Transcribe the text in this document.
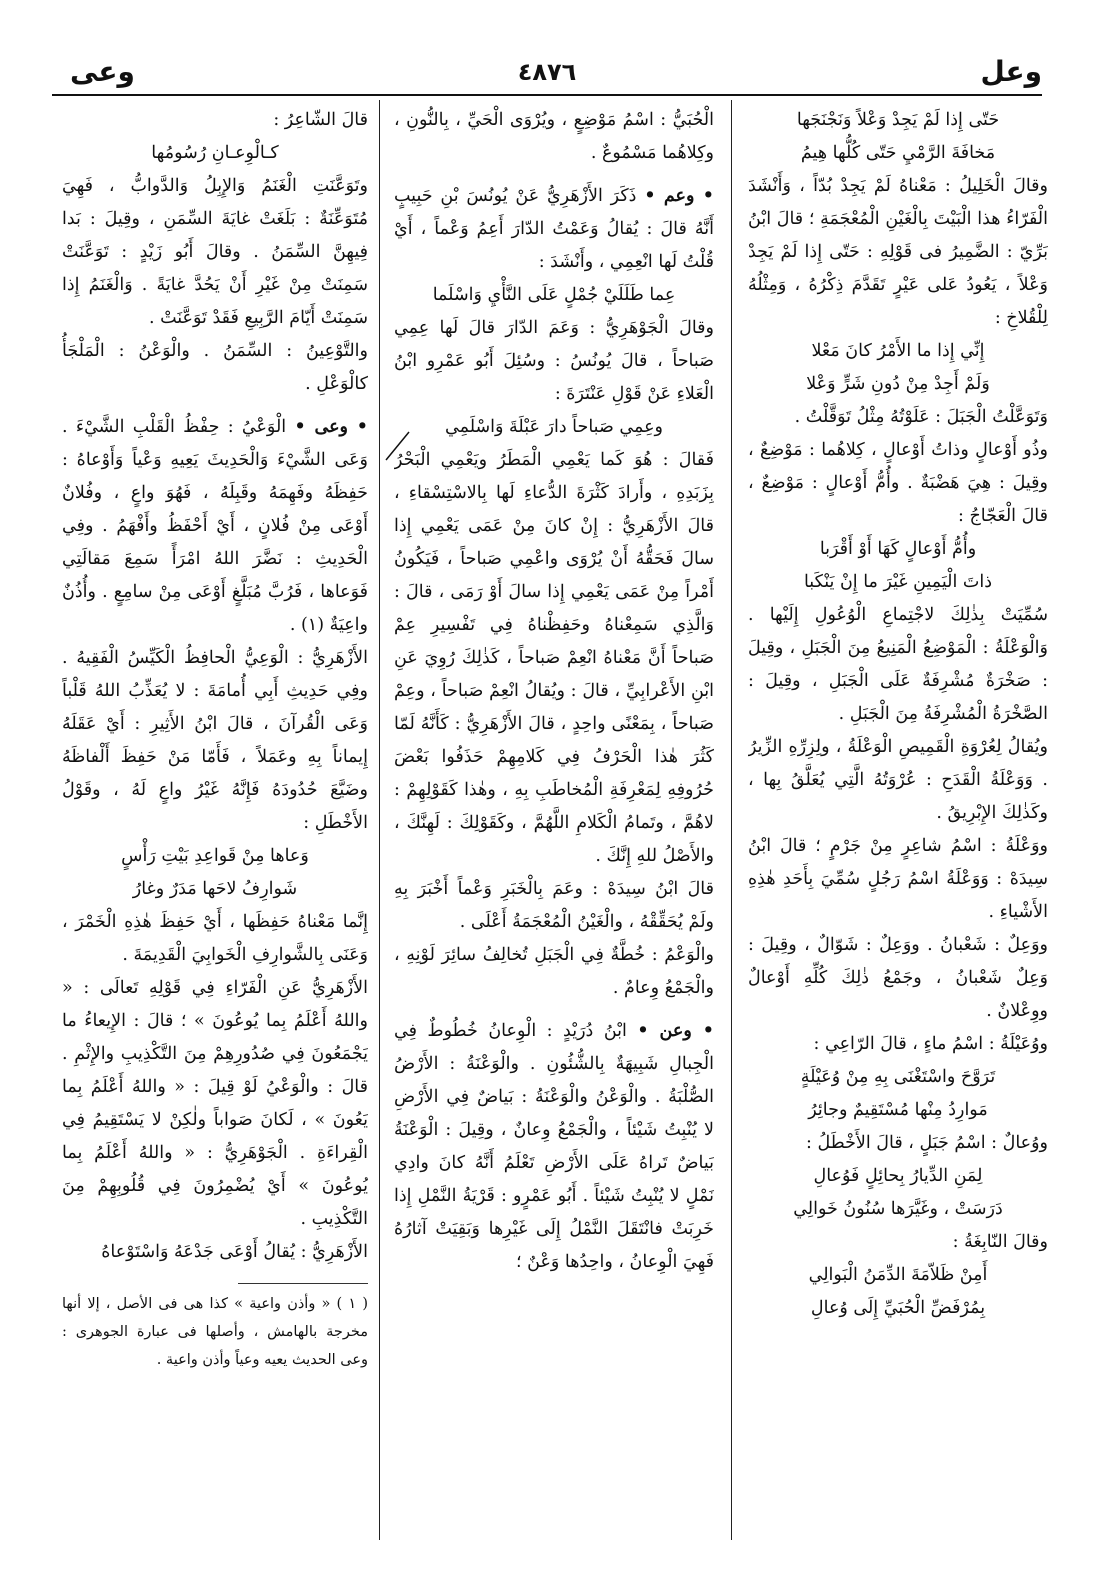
وعل
٤٨٧٦
وعى

حَتّى إِذا لَمْ يَجِدْ وَعْلاً وَنَجْنَجَها

مَخافَةَ الرَّمْيِ حَتّى كُلُّها هِيمُ

وقالَ الْخَلِيلُ : مَعْناهُ لَمْ يَجِدْ بُدّاً ، وَأَنْشَدَ الْفَرّاءُ هذا الْبَيْتَ بِالْغَيْنِ الْمُعْجَمَةِ ؛ قالَ ابْنُ بَرِّيّ : الضَّمِيرُ فى قَوْلِهِ : حَتّى إِذا لَمْ يَجِدْ وَعْلاً ، يَعُودُ عَلى عَيْرٍ تَقَدَّمَ ذِكْرُهُ ، وَمِثْلُهُ لِلْقُلاخِ :

إِنِّي إِذا ما الأَمْرُ كانَ مَعْلا

وَلَمْ أَجِدْ مِنْ دُونِ شَرٍّ وَعْلا

وَتَوَعَّلْتُ الْجَبَلَ : عَلَوْتُهُ مِثْلُ تَوَقَّلْتُ .

وذُو أَوْعالٍ وذاتُ أَوْعالٍ ، كِلاهُما : مَوْضِعٌ ، وقِيلَ : هِيَ هَضْبَةٌ . وأُمُّ أَوْعالٍ : مَوْضِعٌ ، قالَ الْعَجّاجُ :

وأُمُّ أَوْعالٍ كَهَا أَوْ أَقْرَبا

ذاتَ الْيَمِينِ غَيْرَ ما إِنْ يَنْكَبا

سُمِّيَتْ بِذٰلِكَ لاجْتِماعِ الْوُعُولِ إِلَيْها . وَالْوَعْلَةُ : الْمَوْضِعُ الْمَنِيعُ مِنَ الْجَبَلِ ، وقِيلَ : صَخْرَةٌ مُشْرِفَةٌ عَلَى الْجَبَلِ ، وقِيلَ : الصَّخْرَةُ الْمُشْرِفَةُ مِنَ الْجَبَلِ .

ويُقالُ لِعُرْوَةِ الْقَمِيصِ الْوَعْلَةُ ، ولِزِرِّهِ الزِّيرُ . وَوَعْلَةُ الْقَدَحِ : عُرْوَتُهُ الَّتِي يُعَلَّقُ بِها ، وكَذٰلِكَ الإِبْرِيقُ .

ووَعْلَةُ : اسْمُ شاعِرٍ مِنْ جَرْمٍ ؛ قالَ ابْنُ سِيدَهْ : وَوَعْلَةُ اسْمُ رَجُلٍ سُمِّيَ بِأَحَدِ هٰذِهِ الأَشْياءِ .

ووَعِلٌ : شَعْبانُ . ووَعِلٌ : شَوّالٌ ، وقِيلَ : وَعِلٌ شَعْبانُ ، وجَمْعُ ذٰلِكَ كُلِّهِ أَوْعالٌ ووِعْلانٌ .

ووُعَيْلَةُ : اسْمُ ماءٍ ، قالَ الرّاعِي :

تَرَوَّحَ واسْتَغْنَى بِهِ مِنْ وُعَيْلَةٍ

مَوارِدُ مِنْها مُسْتَقِيمٌ وجائِرُ

ووُعالٌ : اسْمُ جَبَلٍ ، قالَ الأَخْطَلُ :

لِمَنِ الدِّيارُ بِحائِلٍ فَوُعالِ

دَرَسَتْ ، وغَيَّرَها سُنُونُ خَوالِي

وقالَ النّابِغَةُ :

أَمِنْ ظَلاّمَةَ الدِّمَنُ الْبَوالِي

بِمُرْفَضِّ الْحُبَيِّ إِلَى وُعالِ

الْحُبَيُّ : اسْمُ مَوْضِعٍ ، ويُرْوَى الْحَيِّ ، بِالنُّونِ ، وكِلاهُما مَسْمُوعٌ .

• وعم • ذَكَرَ الأَزْهَرِيُّ عَنْ يُونُسَ بْنِ حَبِيبٍ أَنَّهُ قالَ : يُقالُ وَعَمْتُ الدّارَ أَعِمُ وَعْماً ، أَيْ قُلْتُ لَها انْعِمِي ، وأَنْشَدَ :

عِما طَلَلَيْ جُمْلٍ عَلَى النَّأْيِ وَاسْلَما

وقالَ الْجَوْهَرِيُّ : وَعَمَ الدّارَ قالَ لَها عِمِي صَباحاً ، قالَ يُونُسُ : وسُئِلَ أَبُو عَمْرِو ابْنُ الْعَلاءِ عَنْ قَوْلِ عَنْتَرَةَ :

وعِمِي صَباحاً دارَ عَبْلَةَ وَاسْلَمِي

فَقالَ : هُوَ كَما يَعْمِي الْمَطَرُ ويَعْمِي الْبَحْرُ بِزَبَدِهِ ، وأَرادَ كَثْرَةَ الدُّعاءِ لَها بِالاسْتِسْقاءِ ، قالَ الأَزْهَرِيُّ : إِنْ كانَ مِنْ عَمَى يَعْمِي إِذا سالَ فَحَقُّهُ أَنْ يُرْوَى واعْمِي صَباحاً ، فَيَكُونُ أَمْراً مِنْ عَمَى يَعْمِي إِذا سالَ أَوْ رَمَى ، قالَ : وَالَّذِي سَمِعْناهُ وحَفِظْناهُ فِي تَفْسِيرِ عِمْ صَباحاً أَنَّ مَعْناهُ انْعِمْ صَباحاً ، كَذٰلِكَ رُوِيَ عَنِ ابْنِ الأَعْرابِيِّ ، قالَ : ويُقالُ انْعِمْ صَباحاً ، وعِمْ صَباحاً ، بِمَعْنًى واحِدٍ ، قالَ الأَزْهَرِيُّ : كَأَنَّهُ لَمّا كَثُرَ هٰذا الْحَرْفُ فِي كَلامِهِمْ حَذَفُوا بَعْضَ حُرُوفِهِ لِمَعْرِفَةِ الْمُخاطَبِ بِهِ ، وهٰذا كَقَوْلِهِمْ : لاهُمَّ ، وتَمامُ الْكَلامِ اللَّهُمَّ ، وكَقَوْلِكَ : لَهِنَّكَ ، والأَصْلُ للهِ إِنَّكَ .

قالَ ابْنُ سِيدَهْ : وعَمَ بِالْخَبَرِ وَعْماً أَخْبَرَ بِهِ ولَمْ يُحَقِّقْهُ ، والْغَيْنُ الْمُعْجَمَةُ أَعْلَى .

والْوَعْمُ : خُطَّةٌ فِي الْجَبَلِ تُخالِفُ سائِرَ لَوْنِهِ ، والْجَمْعُ وِعامٌ .

• وعن • ابْنُ دُرَيْدٍ : الْوِعانُ خُطُوطٌ فِي الْجِبالِ شَبِيهَةٌ بِالشُّئُونِ . والْوَعْنَةُ : الأَرْضُ الصُّلْبَةُ . والْوَعْنُ والْوَعْنَةُ : بَياضٌ فِي الأَرْضِ لا يُنْبِتُ شَيْئاً ، والْجَمْعُ وِعانٌ ، وقِيلَ : الْوَعْنَةُ بَياضٌ تَراهُ عَلَى الأَرْضِ تَعْلَمُ أَنَّهُ كانَ وادِي نَمْلٍ لا يُنْبِتُ شَيْئاً . أَبُو عَمْرٍو : قَرْيَةُ النَّمْلِ إِذا خَرِبَتْ فانْتَقَلَ النَّمْلُ إِلَى غَيْرِها وَبَقِيَتْ آثارُهُ فَهِيَ الْوِعانُ ، واحِدُها وَعْنٌ ؛

قالَ الشّاعِرُ :

كـالْوِعـانِ رُسُومُها

وتَوَعَّنَتِ الْغَنَمُ وَالإِبِلُ وَالدَّوابُّ ، فَهِيَ مُتَوَعِّنَةٌ : بَلَغَتْ غايَةَ السِّمَنِ ، وقِيلَ : بَدا فِيهِنَّ السِّمَنُ . وقالَ أَبُو زَيْدٍ : تَوَعَّنَتْ سَمِنَتْ مِنْ غَيْرِ أَنْ يَحُدَّ غايَةً . وَالْغَنَمُ إِذا سَمِنَتْ أَيّامَ الرَّبِيعِ فَقَدْ تَوَعَّنَتْ .

والتَّوْعِينُ : السِّمَنُ . والْوَعْنُ : الْمَلْجَأُ كالْوَعْلِ .

• وعى • الْوَعْيُ : حِفْظُ الْقَلْبِ الشَّيْءَ . وَعَى الشَّيْءَ وَالْحَدِيثَ يَعِيهِ وَعْياً وَأَوْعاهُ : حَفِظَهُ وفَهِمَهُ وقَبِلَهُ ، فَهُوَ واعٍ ، وفُلانٌ أَوْعَى مِنْ فُلانٍ ، أَيْ أَحْفَظُ وأَفْهَمُ . وفِي الْحَدِيثِ : نَضَّرَ اللهُ امْرَأً سَمِعَ مَقالَتِي فَوَعاها ، فَرُبَّ مُبَلَّغٍ أَوْعَى مِنْ سامِعٍ . وأُذُنٌ واعِيَةٌ (١) .

الأَزْهَرِيُّ : الْوَعِيُّ الْحافِظُ الْكَيِّسُ الْفَقِيهُ . وفِي حَدِيثِ أَبِي أُمامَةَ : لا يُعَذِّبُ اللهُ قَلْباً وَعَى الْقُرآنَ ، قالَ ابْنُ الأَثِيرِ : أَيْ عَقَلَهُ إِيماناً بِهِ وعَمَلاً ، فَأَمّا مَنْ حَفِظَ أَلْفاظَهُ وضَيَّعَ حُدُودَهُ فَإِنَّهُ غَيْرُ واعٍ لَهُ ، وقَوْلُ الأَخْطَلِ :

وَعاها مِنْ قَواعِدِ بَيْتِ رَأْسٍ

شَوارِفُ لاحَها مَدَرٌ وغارُ

إِنَّما مَعْناهُ حَفِظَها ، أَيْ حَفِظَ هٰذِهِ الْخَمْرَ ، وَعَنَى بِالشَّوارِفِ الْخَوابِيَ الْقَدِيمَةَ .

الأَزْهَرِيُّ عَنِ الْفَرّاءِ فِي قَوْلِهِ تَعالَى : « واللهُ أَعْلَمُ بِما يُوعُونَ » ؛ قالَ : الإِيعاءُ ما يَجْمَعُونَ فِي صُدُورِهِمْ مِنَ التَّكْذِيبِ والإِثْمِ . قالَ : والْوَعْيُ لَوْ قِيلَ : « واللهُ أَعْلَمُ بِما يَعُونَ » ، لَكانَ صَواباً ولٰكِنْ لا يَسْتَقِيمُ فِي الْقِراءَةِ . الْجَوْهَرِيُّ : « واللهُ أَعْلَمُ بِما يُوعُونَ » أَيْ يُضْمِرُونَ فِي قُلُوبِهِمْ مِنَ التَّكْذِيبِ .

الأَزْهَرِيُّ : يُقالُ أَوْعَى جَدْعَهُ وَاسْتَوْعاهُ

( ١ ) « وأذن واعية » كذا هى فى الأصل ، إلا أنها مخرجة بالهامش ، وأصلها فى عبارة الجوهرى : وعى الحديث يعيه وعياً وأذن واعية .
